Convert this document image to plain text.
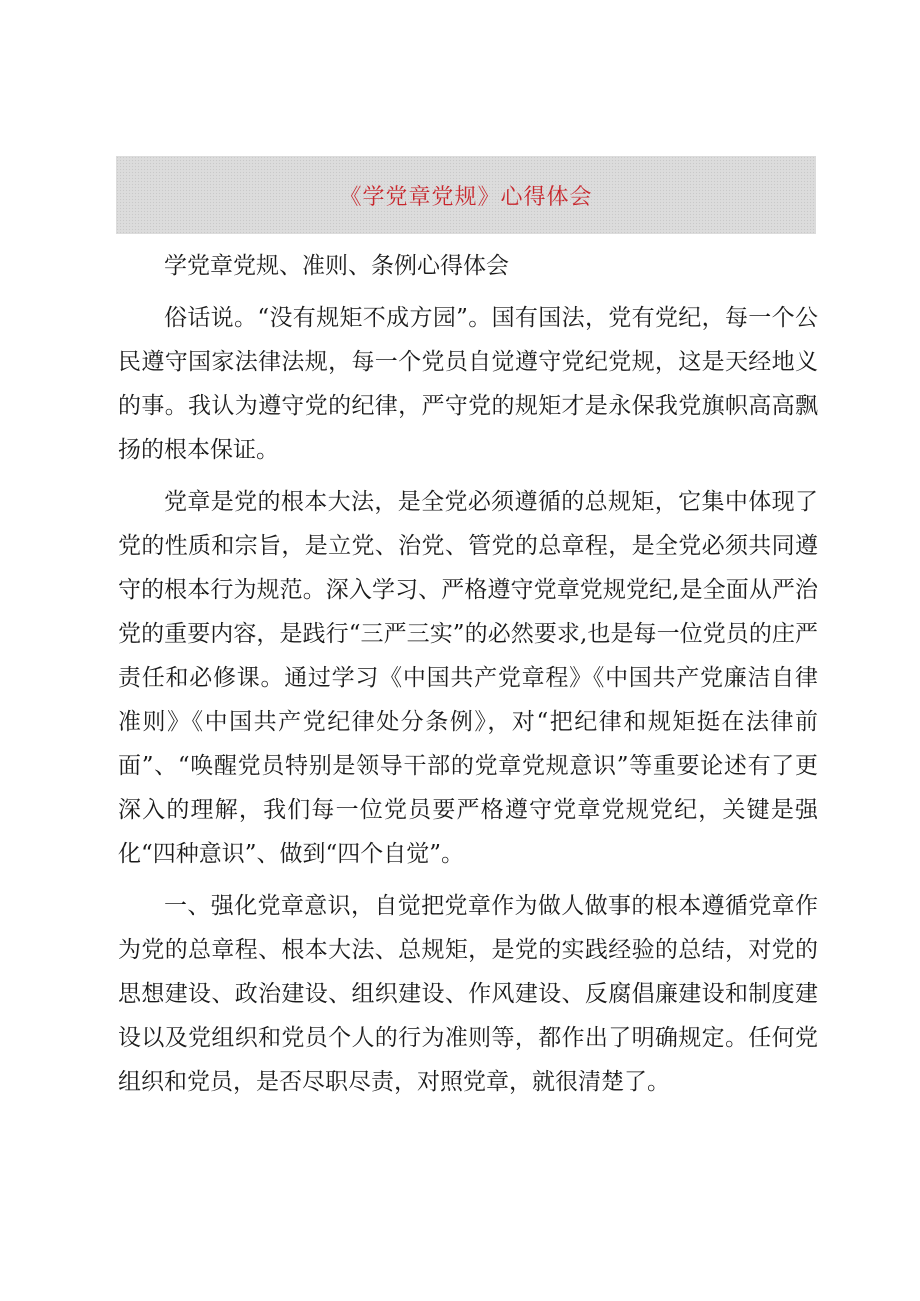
《学党章党规》心得体会

学党章党规、准则、条例心得体会

俗话说。“没有规矩不成方园”。国有国法，党有党纪，每一个公民遵守国家法律法规，每一个党员自觉遵守党纪党规，这是天经地义的事。我认为遵守党的纪律，严守党的规矩才是永保我党旗帜高高飘扬的根本保证。

党章是党的根本大法，是全党必须遵循的总规矩，它集中体现了党的性质和宗旨，是立党、治党、管党的总章程，是全党必须共同遵守的根本行为规范。深入学习、严格遵守党章党规党纪,是全面从严治党的重要内容，是践行“三严三实”的必然要求,也是每一位党员的庄严责任和必修课。通过学习《中国共产党章程》《中国共产党廉洁自律准则》《中国共产党纪律处分条例》，对“把纪律和规矩挺在法律前面”、“唤醒党员特别是领导干部的党章党规意识”等重要论述有了更深入的理解，我们每一位党员要严格遵守党章党规党纪，关键是强化“四种意识”、做到“四个自觉”。

一、强化党章意识，自觉把党章作为做人做事的根本遵循党章作为党的总章程、根本大法、总规矩，是党的实践经验的总结，对党的思想建设、政治建设、组织建设、作风建设、反腐倡廉建设和制度建设以及党组织和党员个人的行为准则等，都作出了明确规定。任何党组织和党员，是否尽职尽责，对照党章，就很清楚了。
